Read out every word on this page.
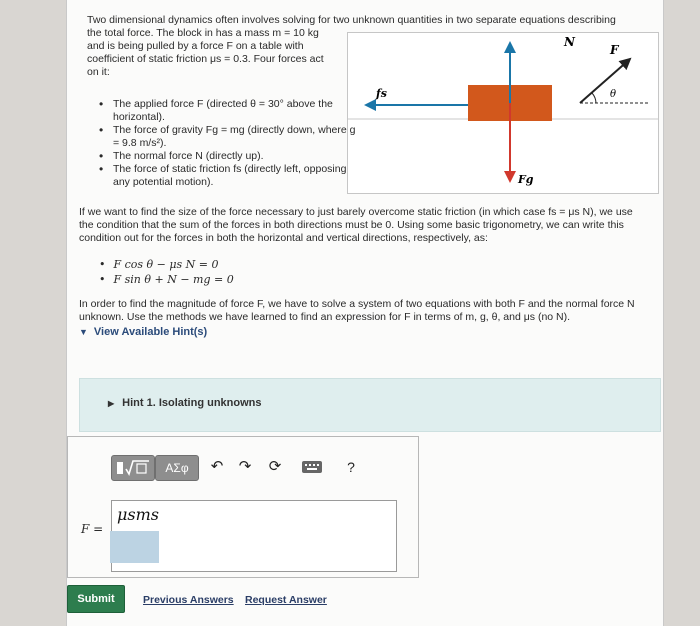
Two dimensional dynamics often involves solving for two unknown quantities in two separate equations describing
the total force. The block in has a mass m = 10 kg and is being pulled by a force F on a table with coefficient of static friction μs = 0.3. Four forces act on it:
N
F
fs
Fg
θ
• The applied force F (directed θ = 30° above the horizontal).
• The force of gravity Fg = mg (directly down, where g = 9.8 m/s²).
• The normal force N (directly up).
• The force of static friction fs (directly left, opposing any potential motion).
If we want to find the size of the force necessary to just barely overcome static friction (in which case fs = μs N), we use the condition that the sum of the forces in both directions must be 0. Using some basic trigonometry, we can write this condition out for the forces in both the horizontal and vertical directions, respectively, as:
• F cos θ − μs N = 0
• F sin θ + N − mg = 0
In order to find the magnitude of force F, we have to solve a system of two equations with both F and the normal force N unknown. Use the methods we have learned to find an expression for F in terms of m, g, θ, and μs (no N).
▼ View Available Hint(s)
▶ Hint 1. Isolating unknowns
ΑΣφ	↶ ↷ ⟳	?
μsms
F =
Submit	Previous Answers Request Answer
